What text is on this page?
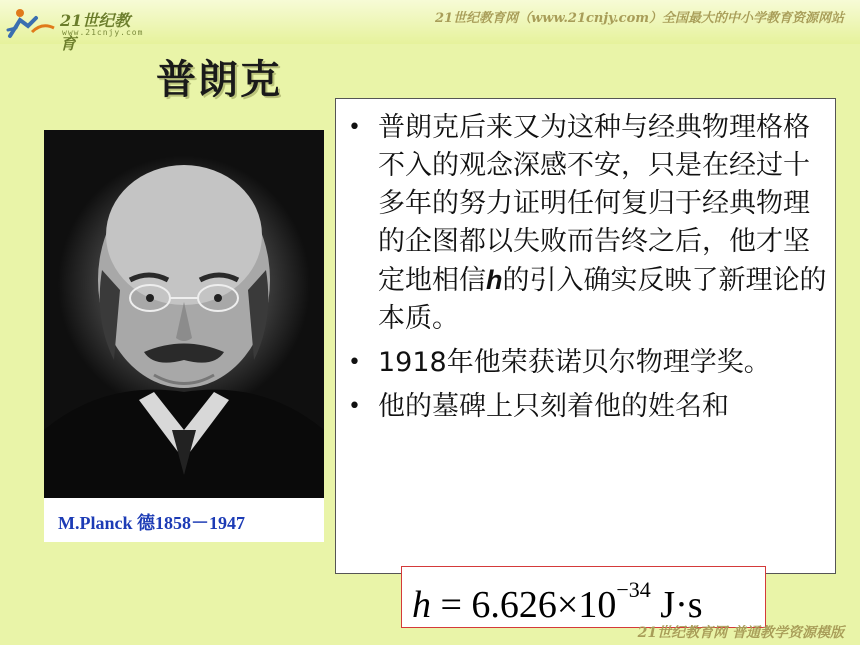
21世纪教育
www.21cnjy.com
21世纪教育网（www.21cnjy.com）全国最大的中小学教育资源网站
普朗克
M.Planck 德1858－1947
• 普朗克后来又为这种与经典物理格格不入的观念深感不安，只是在经过十多年的努力证明任何复归于经典物理的企图都以失败而告终之后，他才坚定地相信h的引入确实反映了新理论的本质。
• 1918年他荣获诺贝尔物理学奖。
• 他的墓碑上只刻着他的姓名和
$h = 6.626\times 10^{-34}$ J·s
21世纪教育网 普通教学资源模版
